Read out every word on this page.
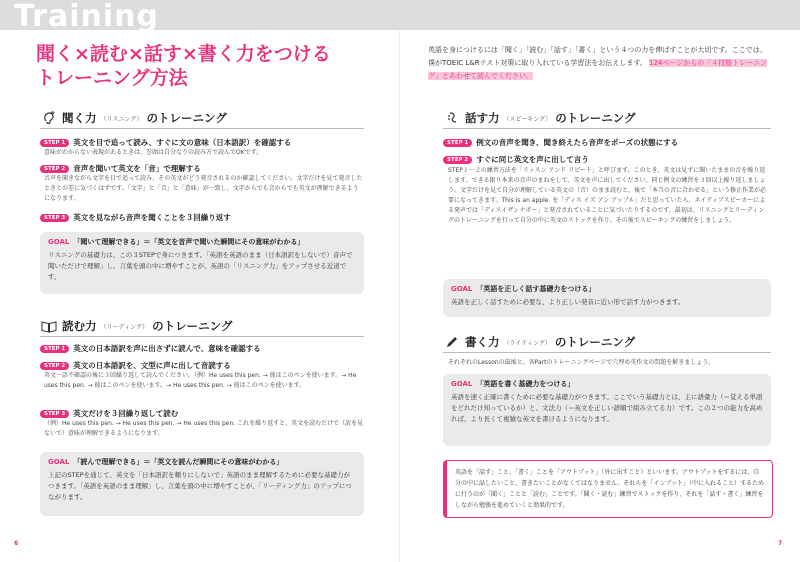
Training
聞く×読む×話す×書く力をつける
トレーニング方法
聞く力 （リスニング） のトレーニング
STEP 1	英文を目で追って読み、すぐに文の意味（日本語訳）を確認する
意味がわからない表現があるときは、巻頭は自分なりの読み方で読んでOKです。
STEP 2	音声を聞いて英文を「音」で理解する
音声を聞きながら文字を目で追って読み、その英文がどう発音されるのか確認してください。文字だけを見て発音したときとの差に気づくはずです。「文字」と「音」と「意味」が一致し、文字からでも音からでも英文が理解できるようになります。
STEP 3	英文を見ながら音声を聞くことを３回繰り返す
GOAL 「聞いて理解できる」＝「英文を音声で聞いた瞬間にその意味がわかる」
リスニングの基礎力は、この３STEPで身につきます。「英語を英語のまま（日本語訳をしないで）音声で聞いただけで理解」し、言葉を頭の中に増やすことが、英語の「リスニング力」をアップさせる近道です。
読む力 （リーディング） のトレーニング
STEP 1	英文の日本語訳を声に出さずに読んで、意味を確認する
STEP 2	英文の日本語訳を、文型に声に出して音読する
英文一語不確認の後に３回繰り返して読んでください。（例）He uses this pen. → 彼はこのペンを使います。→ He uses this pen. → 彼はこのペンを使います。→ He uses this pen. → 彼はこのペンを使います。
STEP 3	英文だけを３回繰り返して読む
（例）He uses this pen. → He uses this pen. → He uses this pen. これを繰り返すと、英文を読むだけで（訳を見ないで）意味が理解できるようになります。
GOAL 「読んで理解できる」＝「英文を読んだ瞬間にその意味がわかる」
上記のSTEPを通じて、英文を「日本語訳を頼りにしないで」英語のまま理解するために必要な基礎力がつきます。「英語を英語のまま理解」し、言葉を頭の中に増やすことが、「リーディング力」のアップにつながります。
6
英語を身につけるには「聞く」「読む」「話す」「書く」という４つの力を伸ばすことが大切です。ここでは、僕がTOEIC L&Rテスト対策に取り入れている学習法をお伝えします。 124ページからの「４技能トレーニング」とあわせて読んでください。
話す力 （スピーキング） のトレーニング
STEP 1	例文の音声を聞き、聞き終えたら音声をポーズの状態にする
STEP 2	すぐに同じ英文を声に出して言う
STEP１～２の練習方法を「リッスン アンド リピート」と呼びます。このとき、英文は見ずに聞いたままの音を繰り返します。できる限り本来の音声のまねをして、英文を声に出してください。同じ例文の練習を３回以上繰り返しましょう。文字だけを見て自分が理解している英文の（音）のまま読むと、後で「本当の音に合わせる」という修正作業が必要になってきます。This is an apple. を「ディス イズ アン アップル」だと思っていたら、ネイティブスピーカーによる発声では「ディスイザンナポー」と発音されていることに気づいたりするのです。最初は、リスニングとリーディングのトレーニングを行って自分の中に英文のストックを作り、その後でスピーキングの練習をしましょう。
GOAL 「英語を正しく話す基礎力をつける」
英語を正しく話すために必要な、より正しい発音に近い形で話す力がつきます。
書く力 （ライティング） のトレーニング
それぞれのLessonの最後と、各Partのトレーニングページで穴埋め英作文の問題を解きましょう。
GOAL 「英語を書く基礎力をつける」
英語を速く正確に書くために必要な基礎力がつきます。ここでいう基礎力とは、主に語彙力（＝覚える単語をどれだけ知っているか）と、文法力（＝英文を正しい語順で組み立てる力）です。この２つの能力を高めれば、より長くて複雑な英文を書けるようになります。
英語を「話す」こと、「書く」ことを「アウトプット」（外に出すこと）といいます。アウトプットをするには、自分の中に話したいこと、書きたいことがなくてはなりません。それらを「インプット」（中に入れること）するために行うのが「聞く」ことと「読む」ことです。「聞く・読む」練習でストックを作り、それを「話す・書く」練習をしながら勉強を進めていくと効果的です。
7
